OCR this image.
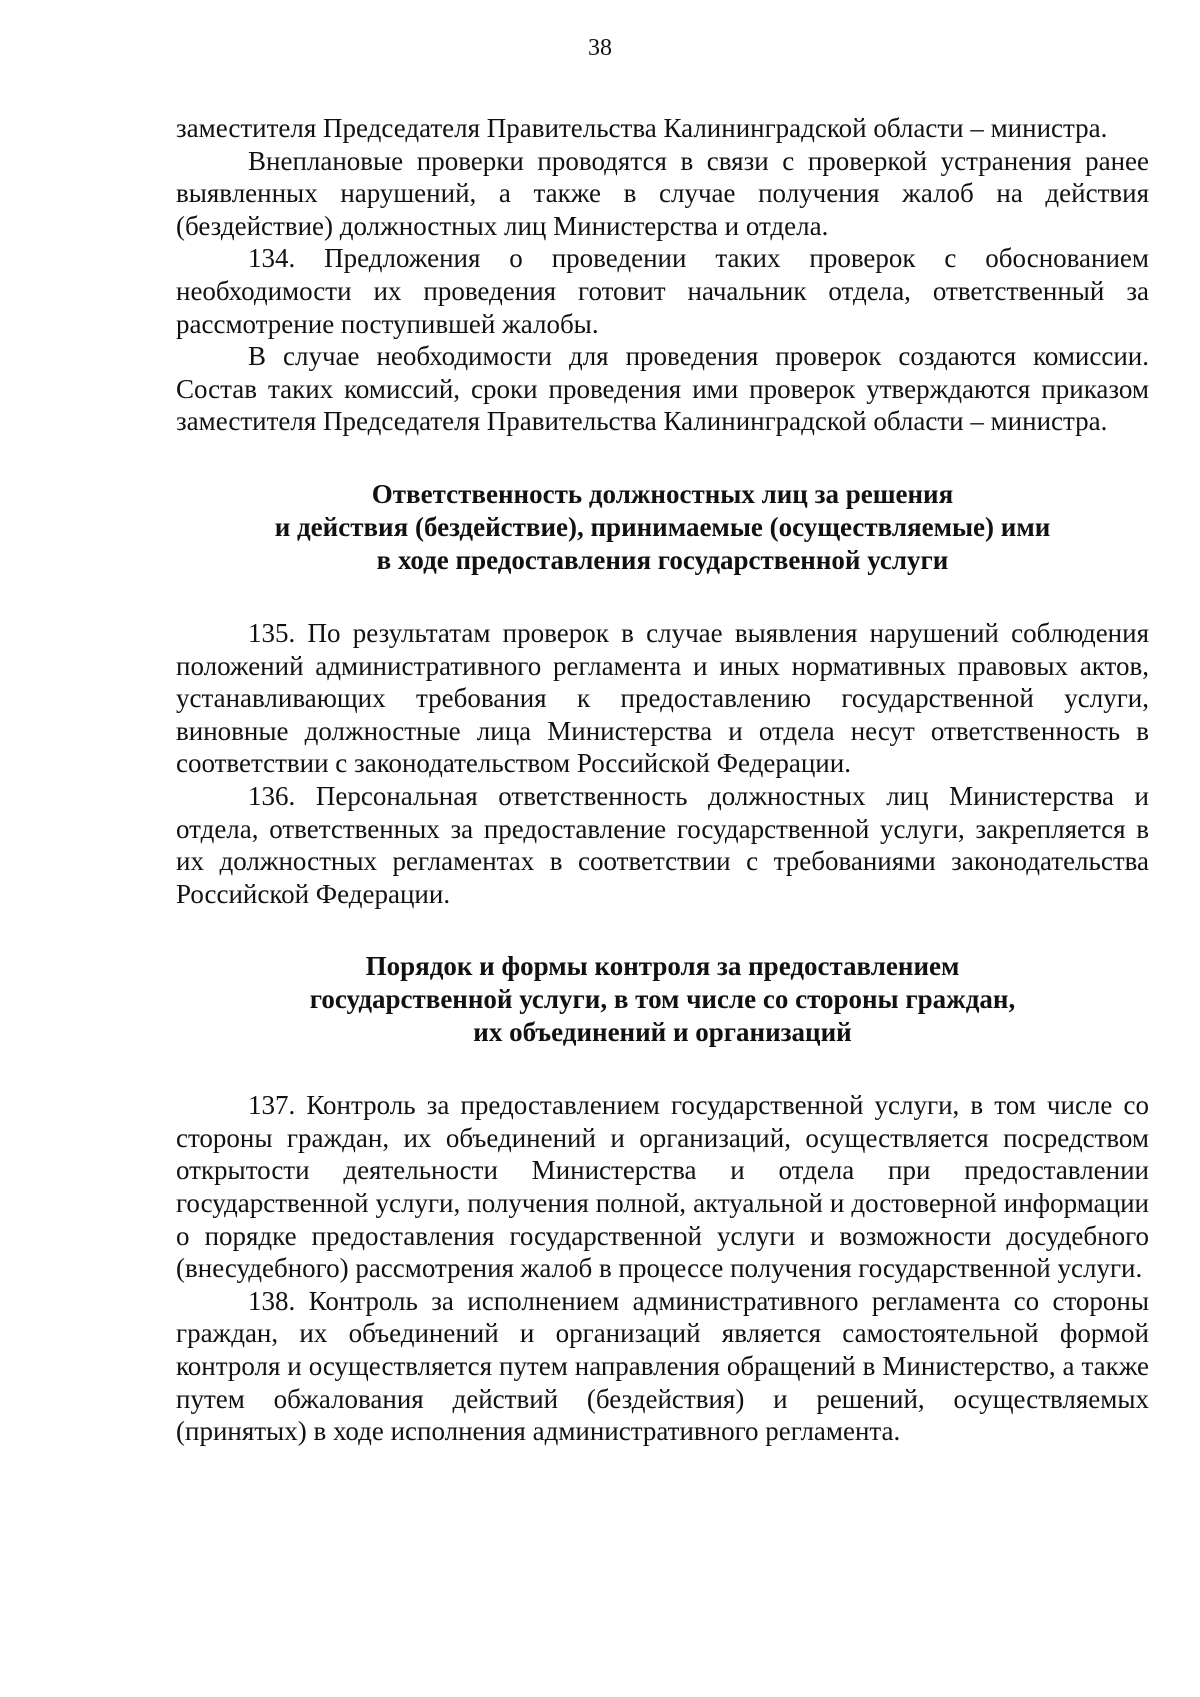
38

заместителя Председателя Правительства Калининградской области – министра.

Внеплановые проверки проводятся в связи с проверкой устранения ранее выявленных нарушений, а также в случае получения жалоб на действия (бездействие) должностных лиц Министерства и отдела.

134. Предложения о проведении таких проверок с обоснованием необходимости их проведения готовит начальник отдела, ответственный за рассмотрение поступившей жалобы.

В случае необходимости для проведения проверок создаются комиссии. Состав таких комиссий, сроки проведения ими проверок утверждаются приказом заместителя Председателя Правительства Калининградской области – министра.

Ответственность должностных лиц за решения
и действия (бездействие), принимаемые (осуществляемые) ими
в ходе предоставления государственной услуги

135. По результатам проверок в случае выявления нарушений соблюдения положений административного регламента и иных нормативных правовых актов, устанавливающих требования к предоставлению государственной услуги, виновные должностные лица Министерства и отдела несут ответственность в соответствии с законодательством Российской Федерации.

136. Персональная ответственность должностных лиц Министерства и отдела, ответственных за предоставление государственной услуги, закрепляется в их должностных регламентах в соответствии с требованиями законодательства Российской Федерации.

Порядок и формы контроля за предоставлением
государственной услуги, в том числе со стороны граждан,
их объединений и организаций

137. Контроль за предоставлением государственной услуги, в том числе со стороны граждан, их объединений и организаций, осуществляется посредством открытости деятельности Министерства и отдела при предоставлении государственной услуги, получения полной, актуальной и достоверной информации о порядке предоставления государственной услуги и возможности досудебного (внесудебного) рассмотрения жалоб в процессе получения государственной услуги.

138. Контроль за исполнением административного регламента со стороны граждан, их объединений и организаций является самостоятельной формой контроля и осуществляется путем направления обращений в Министерство, а также путем обжалования действий (бездействия) и решений, осуществляемых (принятых) в ходе исполнения административного регламента.
